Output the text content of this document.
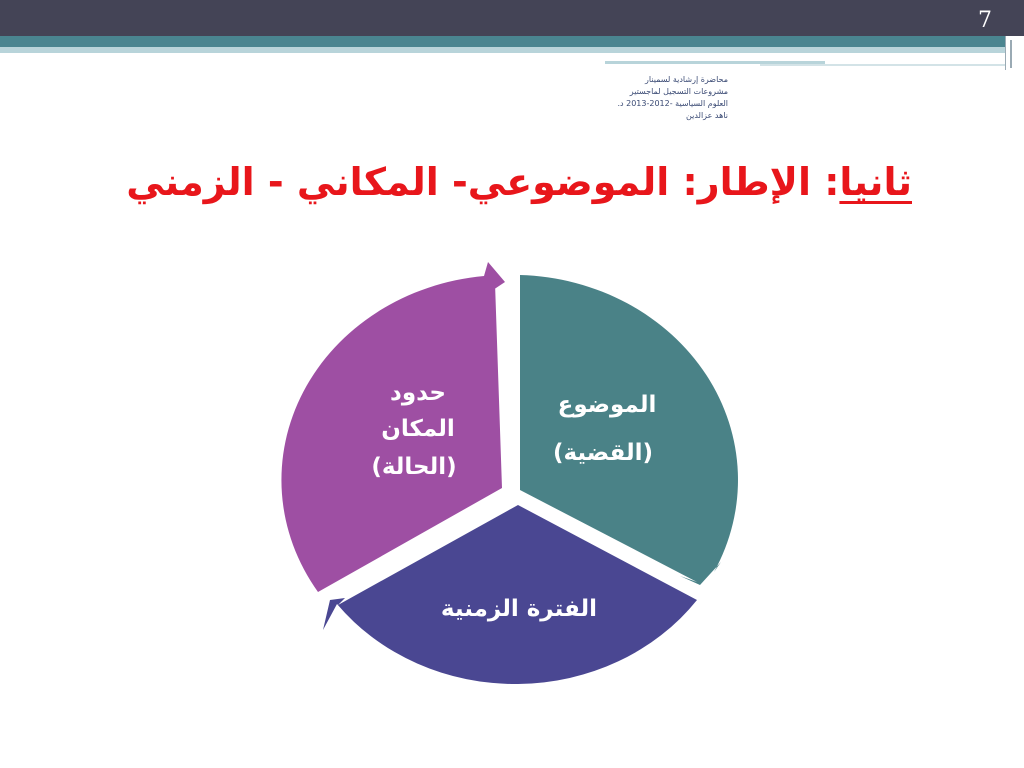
7
محاضرة إرشادية لسمينار
مشروعات التسجيل لماجستير
العلوم السياسية -2012-2013 د.
ناهد عزالدين
ثانيا: الإطار: الموضوعي- المكاني - الزمني
الموضوع (القضية)
الفترة الزمنية
حدود المكان (الحالة)
